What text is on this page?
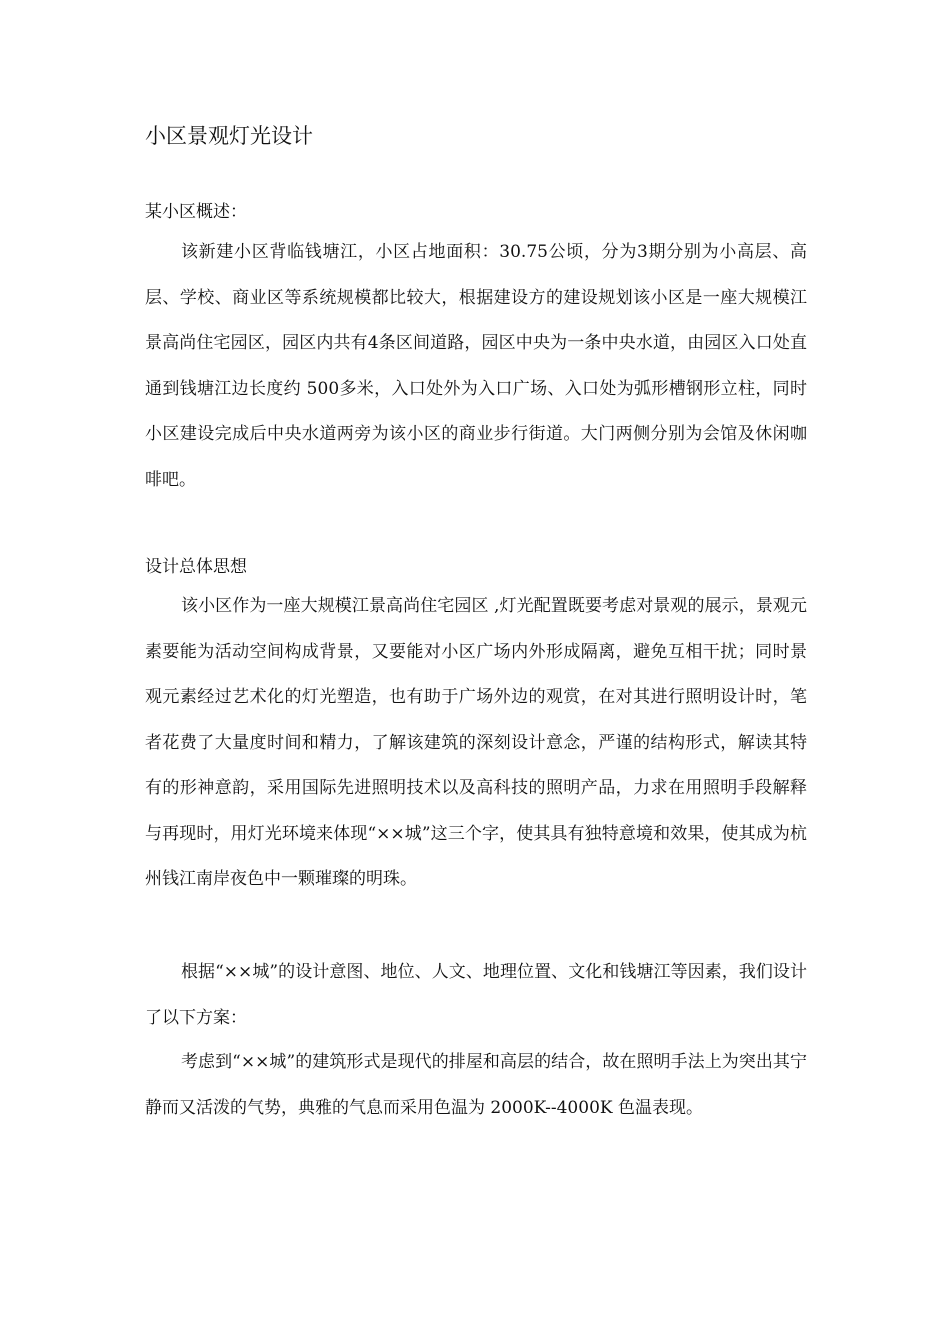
小区景观灯光设计
某小区概述：

该新建小区背临钱塘江，小区占地面积：30.75公顷，分为3期分别为小高层、高层、学校、商业区等系统规模都比较大，根据建设方的建设规划该小区是一座大规模江景高尚住宅园区，园区内共有4条区间道路，园区中央为一条中央水道，由园区入口处直通到钱塘江边长度约 500多米，入口处外为入口广场、入口处为弧形槽钢形立柱，同时小区建设完成后中央水道两旁为该小区的商业步行街道。大门两侧分别为会馆及休闲咖啡吧。

设计总体思想

该小区作为一座大规模江景高尚住宅园区 ,灯光配置既要考虑对景观的展示，景观元素要能为活动空间构成背景，又要能对小区广场内外形成隔离，避免互相干扰；同时景观元素经过艺术化的灯光塑造，也有助于广场外边的观赏，在对其进行照明设计时，笔者花费了大量度时间和精力，了解该建筑的深刻设计意念，严谨的结构形式，解读其特有的形神意韵，采用国际先进照明技术以及高科技的照明产品，力求在用照明手段解释与再现时，用灯光环境来体现“××城”这三个字，使其具有独特意境和效果，使其成为杭州钱江南岸夜色中一颗璀璨的明珠。

根据“××城”的设计意图、地位、人文、地理位置、文化和钱塘江等因素，我们设计了以下方案：

考虑到“××城”的建筑形式是现代的排屋和高层的结合，故在照明手法上为突出其宁静而又活泼的气势，典雅的气息而采用色温为 2000K--4000K 色温表现。
